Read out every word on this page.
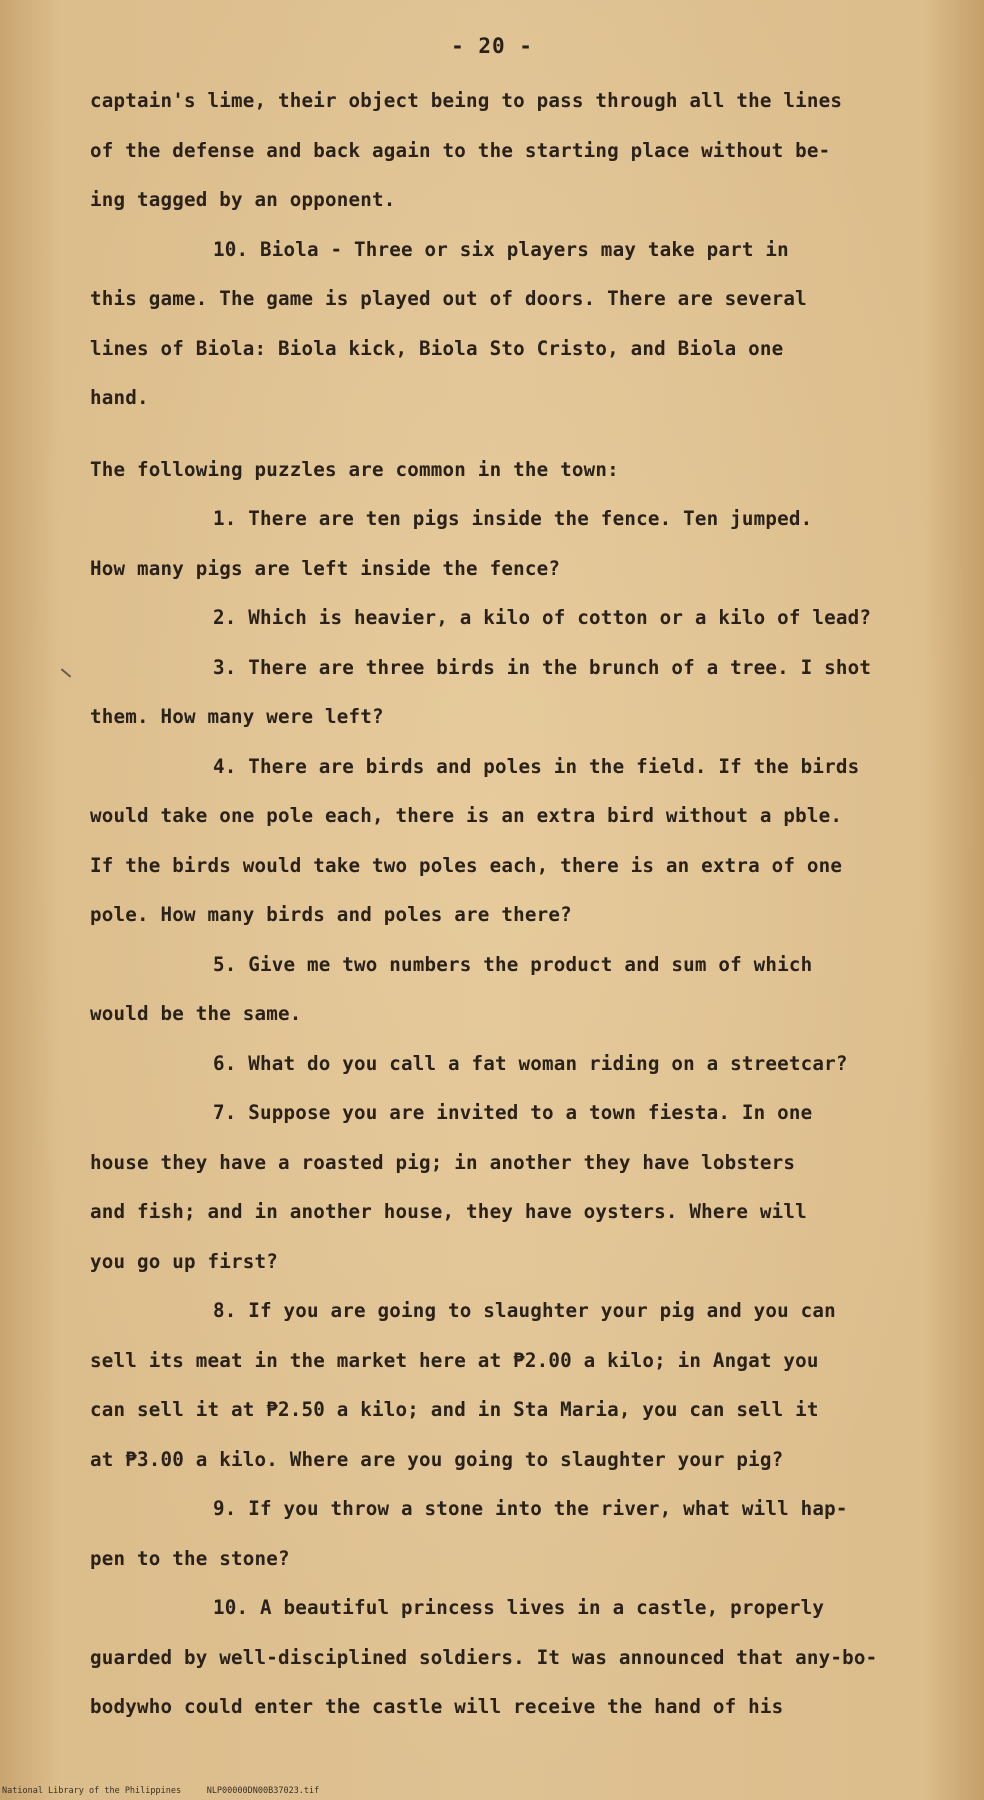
- 20 -
captain's lime, their object being to pass through all the lines
of the defense and back again to the starting place without be-
ing tagged by an opponent.
10. Biola - Three or six players may take part in
this game. The game is played out of doors. There are several
lines of Biola: Biola kick, Biola Sto Cristo, and Biola one
hand.
The following puzzles are common in the town:
1. There are ten pigs inside the fence. Ten jumped.
How many pigs are left inside the fence?
2. Which is heavier, a kilo of cotton or a kilo of lead?
3. There are three birds in the brunch of a tree. I shot
them. How many were left?
4. There are birds and poles in the field. If the birds
would take one pole each, there is an extra bird without a pble.
If the birds would take two poles each, there is an extra of one
pole. How many birds and poles are there?
5. Give me two numbers the product and sum of which
would be the same.
6. What do you call a fat woman riding on a streetcar?
7. Suppose you are invited to a town fiesta. In one
house they have a roasted pig; in another they have lobsters
and fish; and in another house, they have oysters. Where will
you go up first?
8. If you are going to slaughter your pig and you can
sell its meat in the market here at ₱2.00 a kilo; in Angat you
can sell it at ₱2.50 a kilo; and in Sta Maria, you can sell it
at ₱3.00 a kilo. Where are you going to slaughter your pig?
9. If you throw a stone into the river, what will hap-
pen to the stone?
10. A beautiful princess lives in a castle, properly
guarded by well-disciplined soldiers. It was announced that any-bo-
bodywho could enter the castle will receive the hand of his
National Library of the Philippines     NLP00000DN00B37023.tif
